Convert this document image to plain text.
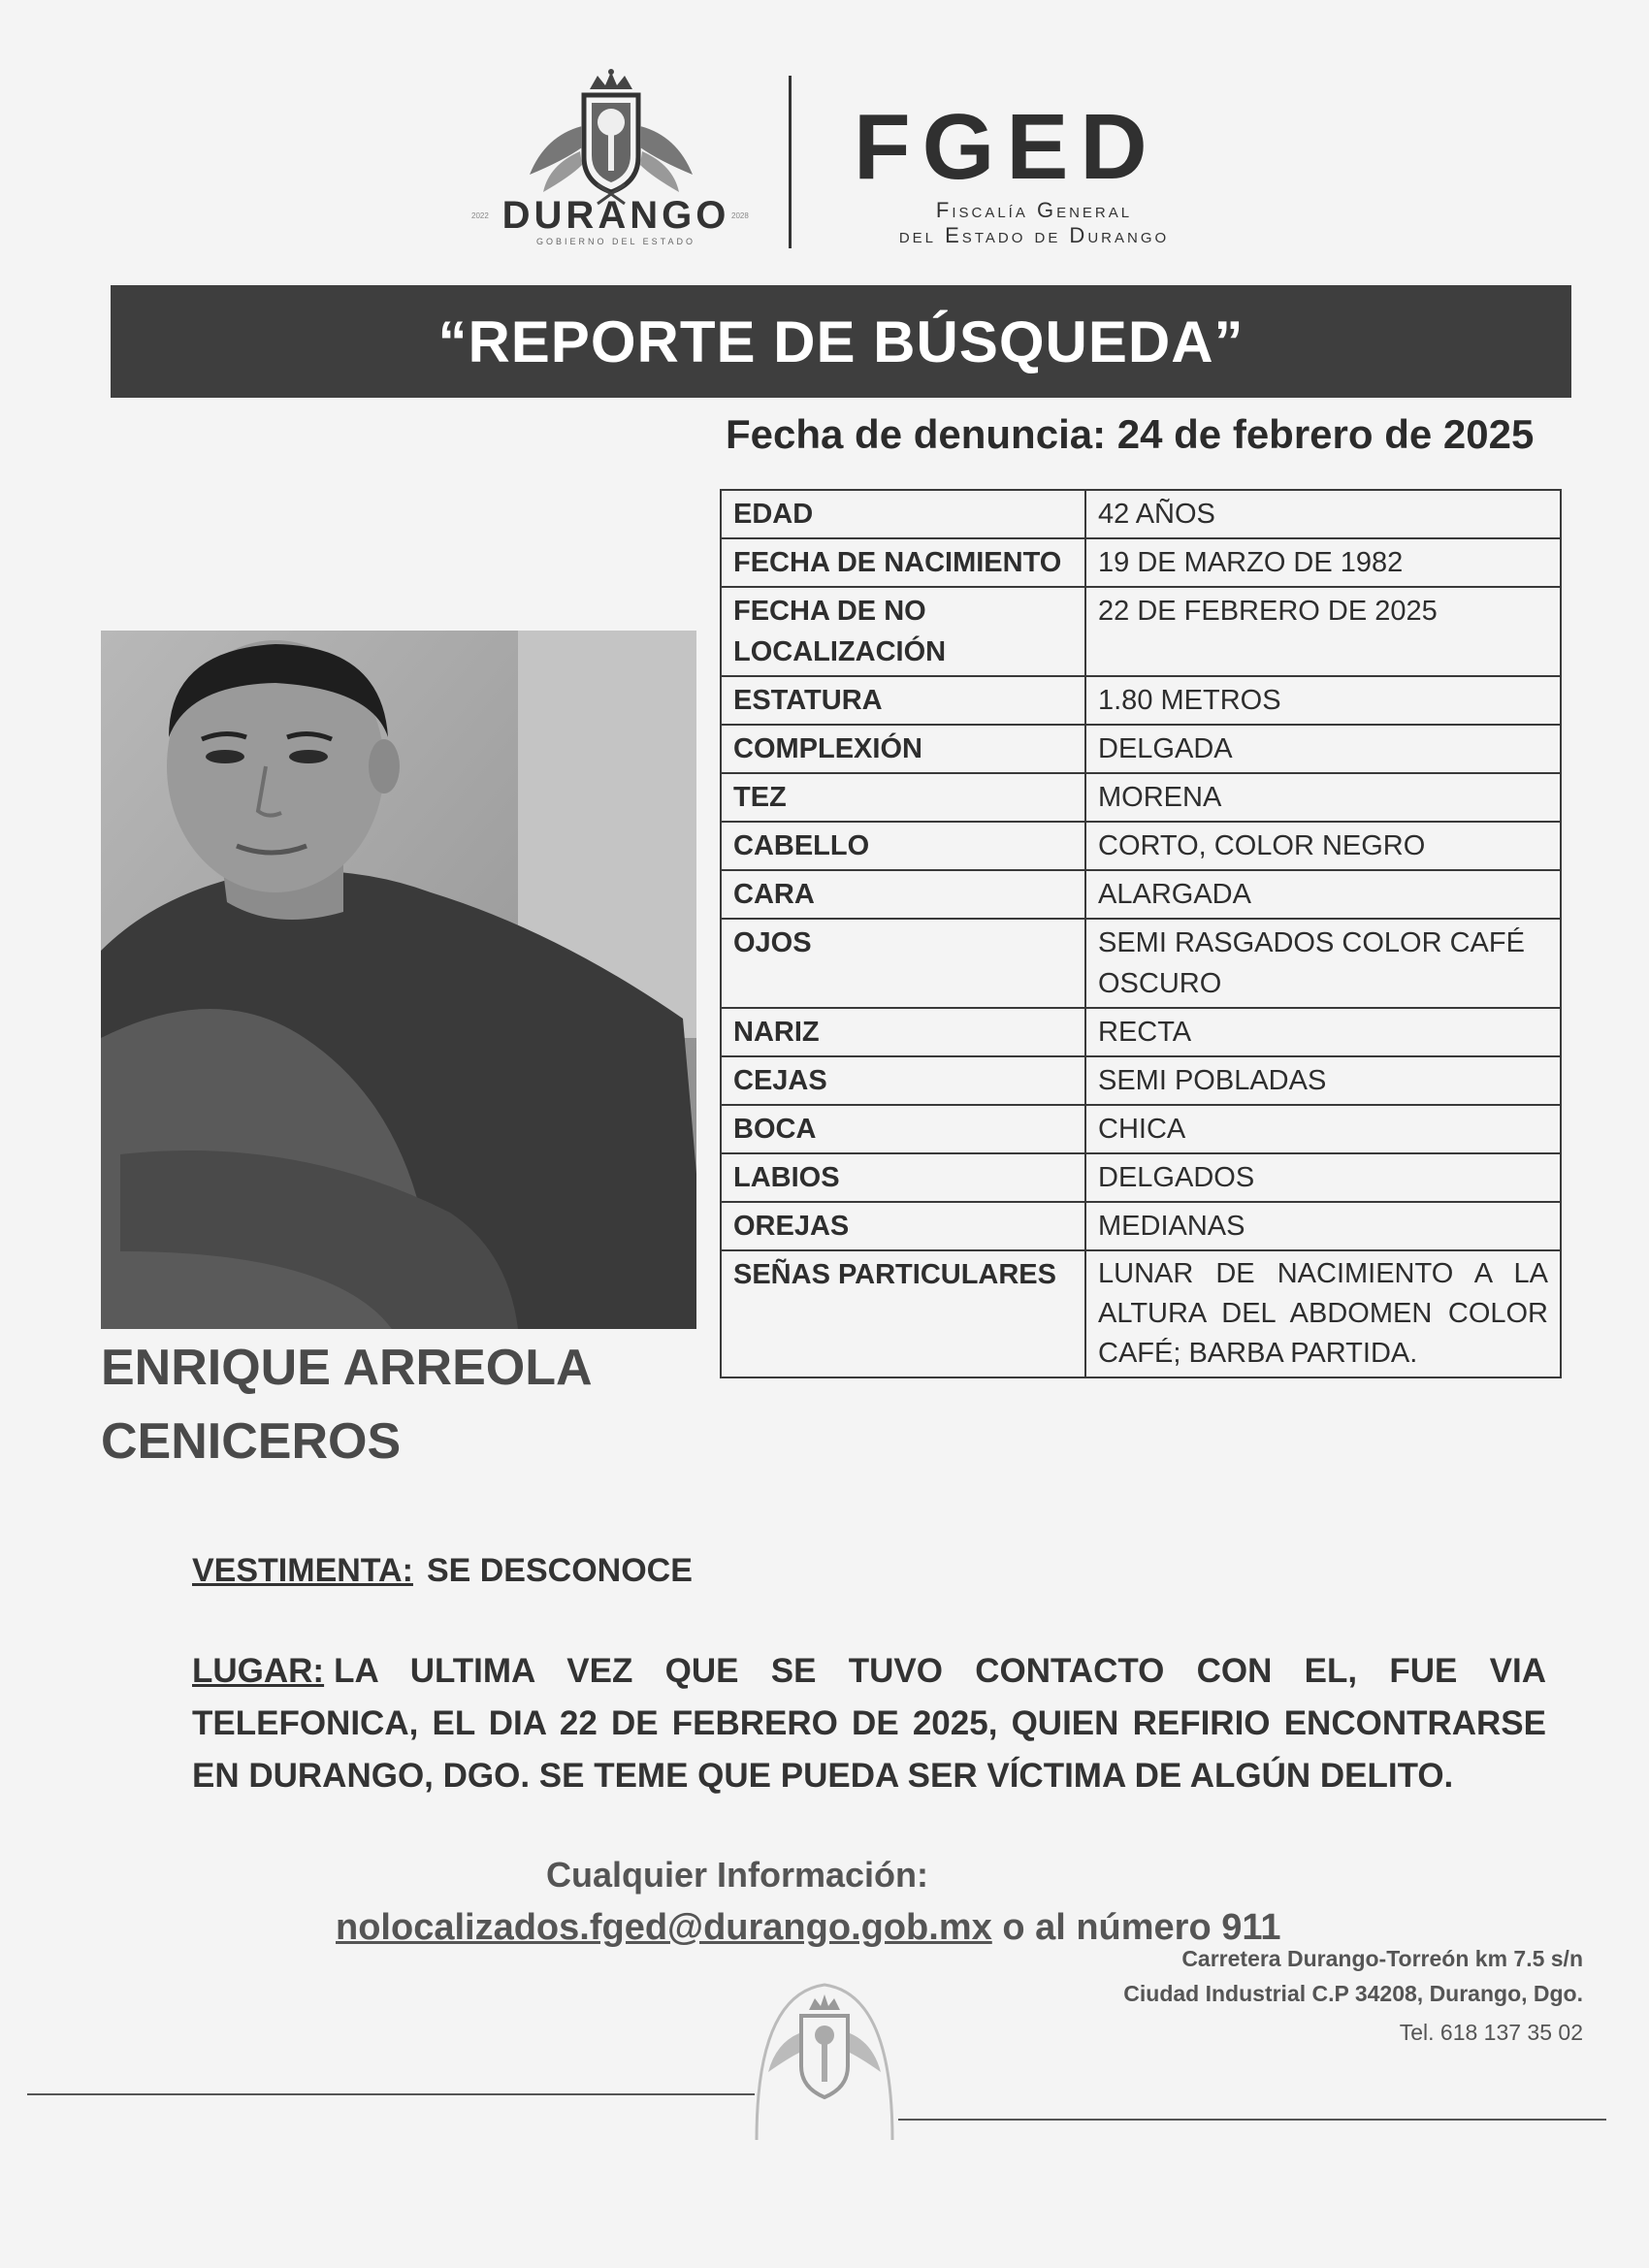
2022 DURANGO 2028
GOBIERNO DEL ESTADO
FGED
Fiscalía General
del Estado de Durango
“REPORTE DE BÚSQUEDA”
Fecha de denuncia: 24 de febrero de 2025
EDAD	42 AÑOS
FECHA DE NACIMIENTO	19 DE MARZO DE 1982
FECHA DE NO LOCALIZACIÓN	22 DE FEBRERO DE 2025
ESTATURA	1.80 METROS
COMPLEXIÓN	DELGADA
TEZ	MORENA
CABELLO	CORTO, COLOR NEGRO
CARA	ALARGADA
OJOS	SEMI RASGADOS COLOR CAFÉ OSCURO
NARIZ	RECTA
CEJAS	SEMI POBLADAS
BOCA	CHICA
LABIOS	DELGADOS
OREJAS	MEDIANAS
SEÑAS PARTICULARES	LUNAR DE NACIMIENTO A LA ALTURA DEL ABDOMEN COLOR CAFÉ; BARBA PARTIDA.
ENRIQUE ARREOLA CENICEROS
VESTIMENTA: SE DESCONOCE
LUGAR: LA ULTIMA VEZ QUE SE TUVO CONTACTO CON EL, FUE VIA TELEFONICA, EL DIA 22 DE FEBRERO DE 2025, QUIEN REFIRIO ENCONTRARSE EN DURANGO, DGO. SE TEME QUE PUEDA SER VÍCTIMA DE ALGÚN DELITO.
Cualquier Información:
nolocalizados.fged@durango.gob.mx o al número 911
Carretera Durango-Torreón km 7.5 s/n
Ciudad Industrial C.P 34208, Durango, Dgo.
Tel. 618 137 35 02
